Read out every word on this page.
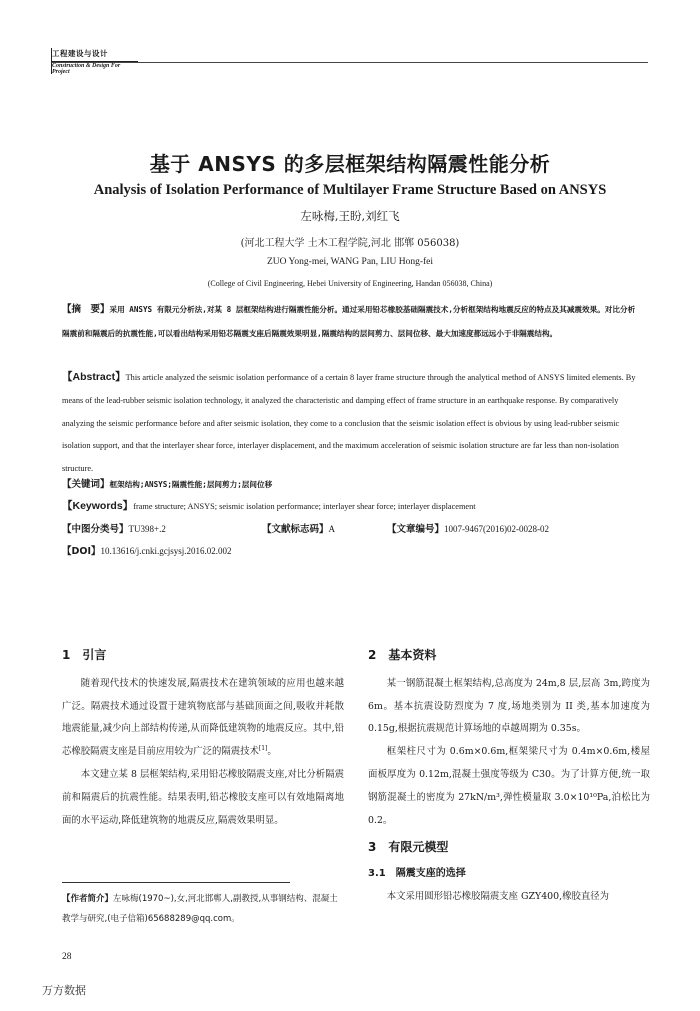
工程建设与设计
Construction & Design For Project
基于 ANSYS 的多层框架结构隔震性能分析
Analysis of Isolation Performance of Multilayer Frame Structure Based on ANSYS
左咏梅,王盼,刘红飞
(河北工程大学 土木工程学院,河北 邯郸 056038)
ZUO Yong-mei, WANG Pan, LIU Hong-fei
(College of Civil Engineering, Hebei University of Engineering, Handan 056038, China)
【摘　要】采用 ANSYS 有限元分析法,对某 8 层框架结构进行隔震性能分析。通过采用铅芯橡胶基础隔震技术,分析框架结构地震反应的特点及其减震效果。对比分析隔震前和隔震后的抗震性能,可以看出结构采用铅芯隔震支座后隔震效果明显,隔震结构的层间剪力、层间位移、最大加速度都远远小于非隔震结构。
【Abstract】This article analyzed the seismic isolation performance of a certain 8 layer frame structure through the analytical method of ANSYS limited elements. By means of the lead-rubber seismic isolation technology, it analyzed the characteristic and damping effect of frame structure in an earthquake response. By comparatively analyzing the seismic performance before and after seismic isolation, they come to a conclusion that the seismic isolation effect is obvious by using lead-rubber seismic isolation support, and that the interlayer shear force, interlayer displacement, and the maximum acceleration of seismic isolation structure are far less than non-isolation structure.
【关键词】框架结构;ANSYS;隔震性能;层间剪力;层间位移
【Keywords】frame structure; ANSYS; seismic isolation performance; interlayer shear force; interlayer displacement
【中图分类号】TU398+.2	【文献标志码】A	【文章编号】1007-9467(2016)02-0028-02
【DOI】10.13616/j.cnki.gcjsysj.2016.02.002
1　引言

随着现代技术的快速发展,隔震技术在建筑领域的应用也越来越广泛。隔震技术通过设置于建筑物底部与基础顶面之间,吸收并耗散地震能量,减少向上部结构传递,从而降低建筑物的地震反应。其中,铅芯橡胶隔震支座是目前应用较为广泛的隔震技术[1]。

本文建立某 8 层框架结构,采用铅芯橡胶隔震支座,对比分析隔震前和隔震后的抗震性能。结果表明,铅芯橡胶支座可以有效地隔离地面的水平运动,降低建筑物的地震反应,隔震效果明显。

【作者简介】左咏梅(1970~),女,河北邯郸人,副教授,从事钢结构、混凝土教学与研究,(电子信箱)65688289@qq.com。
2　基本资料

某一钢筋混凝土框架结构,总高度为 24m,8 层,层高 3m,跨度为 6m。基本抗震设防烈度为 7 度,场地类别为 II 类,基本加速度为 0.15g,根据抗震规范计算场地的卓越周期为 0.35s。

框架柱尺寸为 0.6m×0.6m,框架梁尺寸为 0.4m×0.6m,楼屋面板厚度为 0.12m,混凝土强度等级为 C30。为了计算方便,统一取钢筋混凝土的密度为 27kN/m³,弹性模量取 3.0×10¹⁰Pa,泊松比为 0.2。

3　有限元模型
3.1　隔震支座的选择

本文采用圆形铅芯橡胶隔震支座 GZY400,橡胶直径为

28
万方数据
